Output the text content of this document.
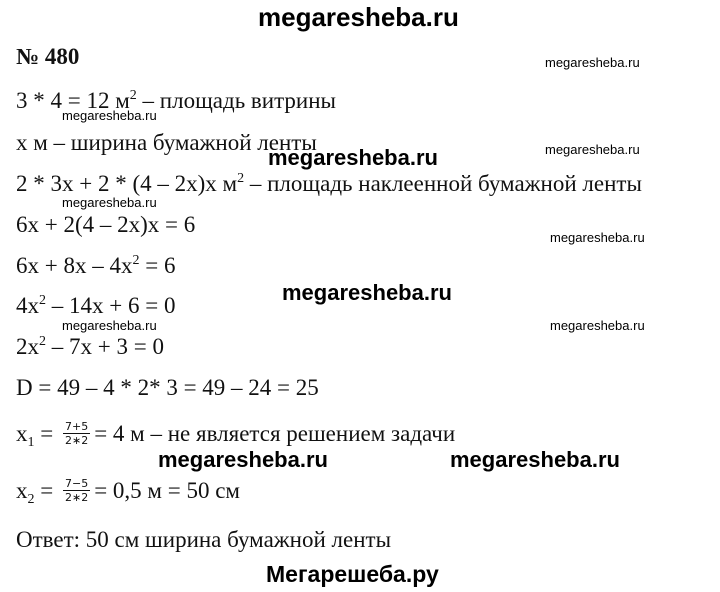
megaresheba.ru
№ 480	megaresheba.ru
3 * 4 = 12 $м^2$ – площадь витрины
megaresheba.ru
x м – ширина бумажной ленты
megaresheba.ru	megaresheba.ru
2 * 3x + 2 * (4 – 2x)x $м^2$ – площадь наклеенной бумажной ленты
megaresheba.ru
6x + 2(4 – 2x)x = 6
megaresheba.ru
$6x + 8x - 4x^2 = 6$
megaresheba.ru
$4x^2 - 14x + 6 = 0$
megaresheba.ru	megaresheba.ru
$2x^2 - 7x + 3 = 0$
D = 49 – 4 * 2* 3 = 49 – 24 = 25
$x_1 = \frac{7+5}{2∗2} = 4$ м – не является решением задачи
megaresheba.ru	megaresheba.ru
$x_2 = \frac{7-5}{2∗2} = 0,5$ м = 50 см
Ответ: 50 см ширина бумажной ленты
Мегарешеба.ру
